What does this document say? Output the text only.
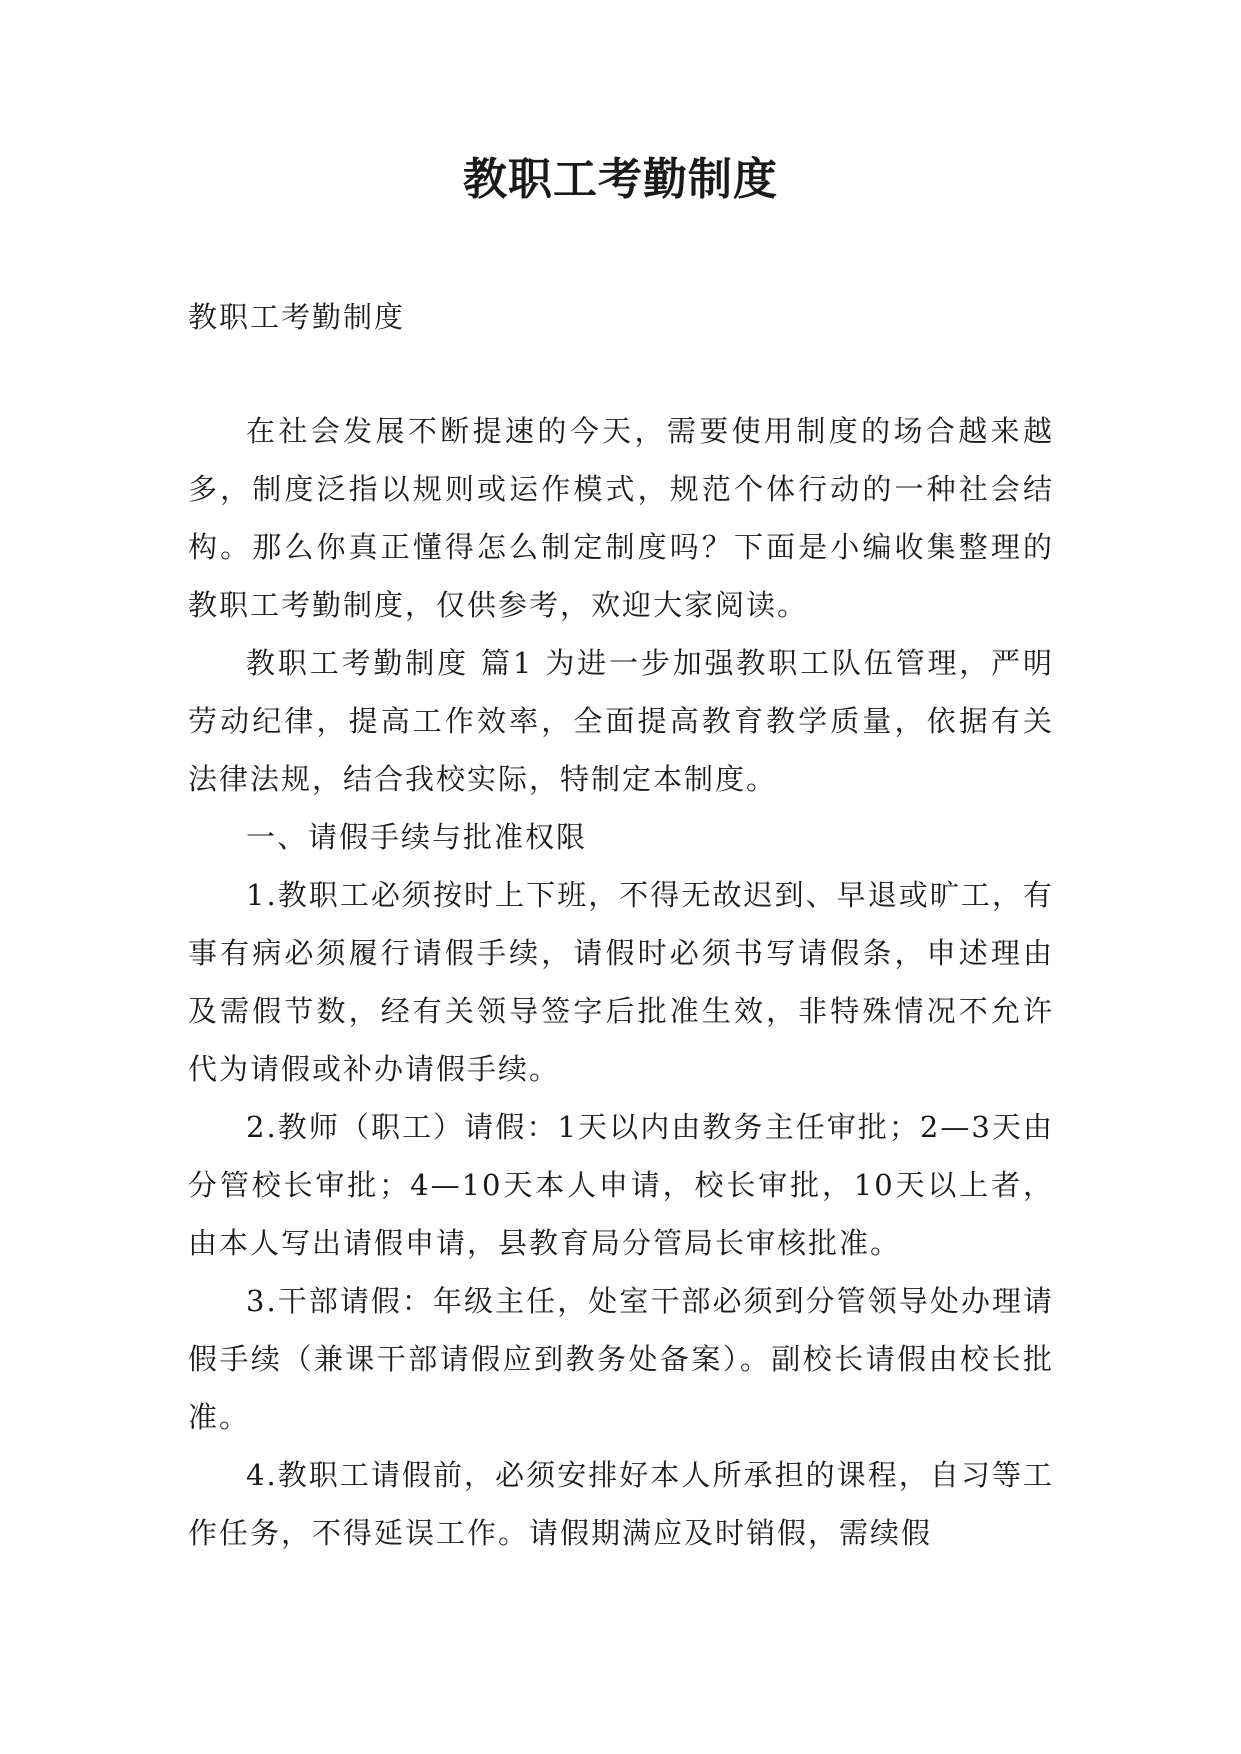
教职工考勤制度

教职工考勤制度

在社会发展不断提速的今天，需要使用制度的场合越来越多，制度泛指以规则或运作模式，规范个体行动的一种社会结构。那么你真正懂得怎么制定制度吗？下面是小编收集整理的教职工考勤制度，仅供参考，欢迎大家阅读。

教职工考勤制度 篇1 为进一步加强教职工队伍管理，严明劳动纪律，提高工作效率，全面提高教育教学质量，依据有关法律法规，结合我校实际，特制定本制度。

一、请假手续与批准权限

1.教职工必须按时上下班，不得无故迟到、早退或旷工，有事有病必须履行请假手续，请假时必须书写请假条，申述理由及需假节数，经有关领导签字后批准生效，非特殊情况不允许代为请假或补办请假手续。

2.教师（职工）请假：1天以内由教务主任审批；2—3天由分管校长审批；4—10天本人申请，校长审批，10天以上者，由本人写出请假申请，县教育局分管局长审核批准。

3.干部请假：年级主任，处室干部必须到分管领导处办理请假手续（兼课干部请假应到教务处备案）。副校长请假由校长批准。

4.教职工请假前，必须安排好本人所承担的课程，自习等工作任务，不得延误工作。请假期满应及时销假，需续假
